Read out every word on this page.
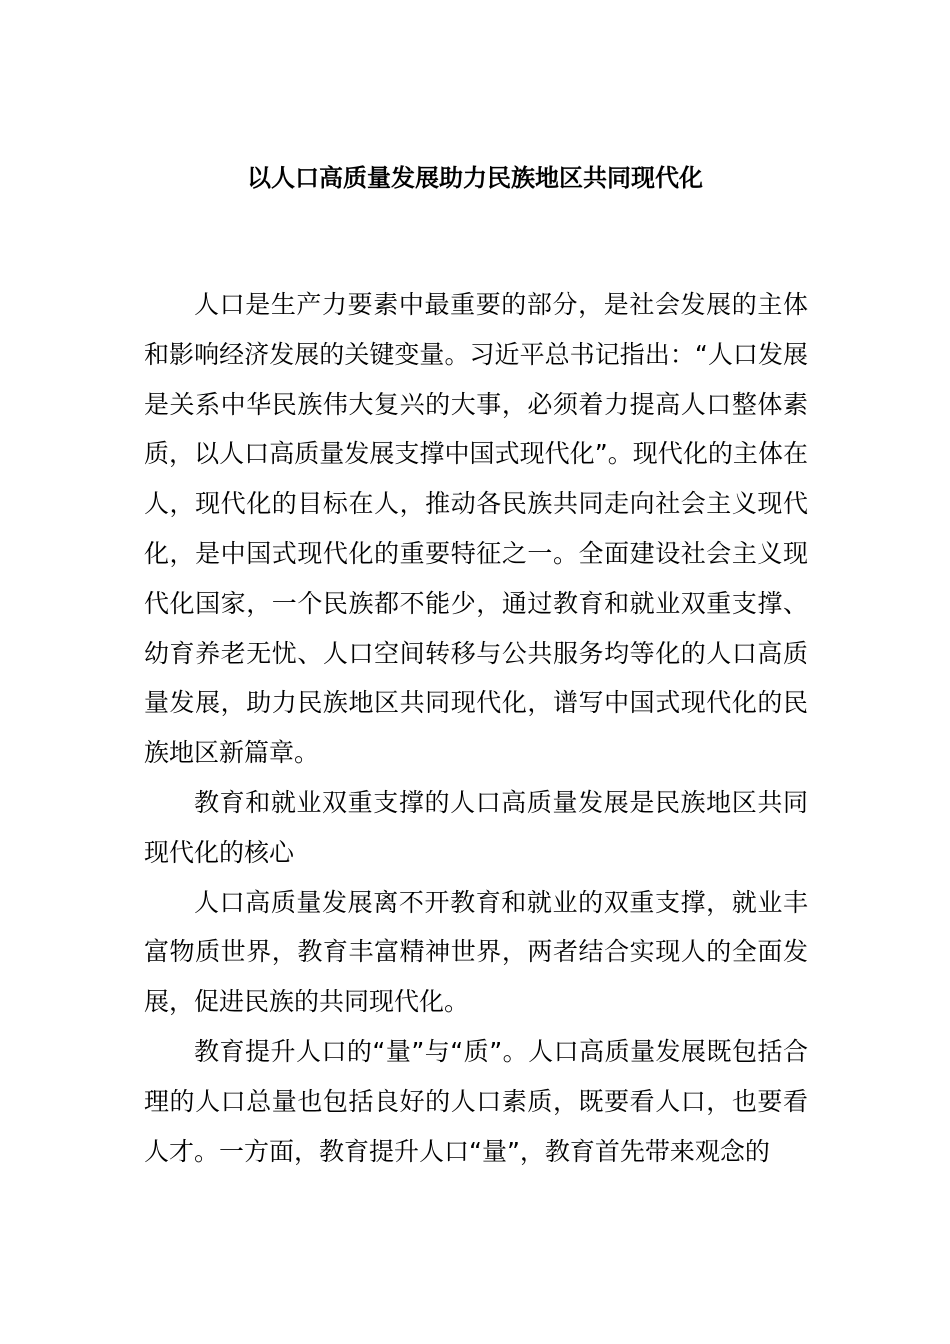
以人口高质量发展助力民族地区共同现代化

人口是生产力要素中最重要的部分，是社会发展的主体和影响经济发展的关键变量。习近平总书记指出：“人口发展是关系中华民族伟大复兴的大事，必须着力提高人口整体素质，以人口高质量发展支撑中国式现代化”。现代化的主体在人，现代化的目标在人，推动各民族共同走向社会主义现代化，是中国式现代化的重要特征之一。全面建设社会主义现代化国家，一个民族都不能少，通过教育和就业双重支撑、幼育养老无忧、人口空间转移与公共服务均等化的人口高质量发展，助力民族地区共同现代化，谱写中国式现代化的民族地区新篇章。

教育和就业双重支撑的人口高质量发展是民族地区共同现代化的核心

人口高质量发展离不开教育和就业的双重支撑，就业丰富物质世界，教育丰富精神世界，两者结合实现人的全面发展，促进民族的共同现代化。

教育提升人口的“量”与“质”。人口高质量发展既包括合理的人口总量也包括良好的人口素质，既要看人口，也要看人才。一方面，教育提升人口“量”，教育首先带来观念的
